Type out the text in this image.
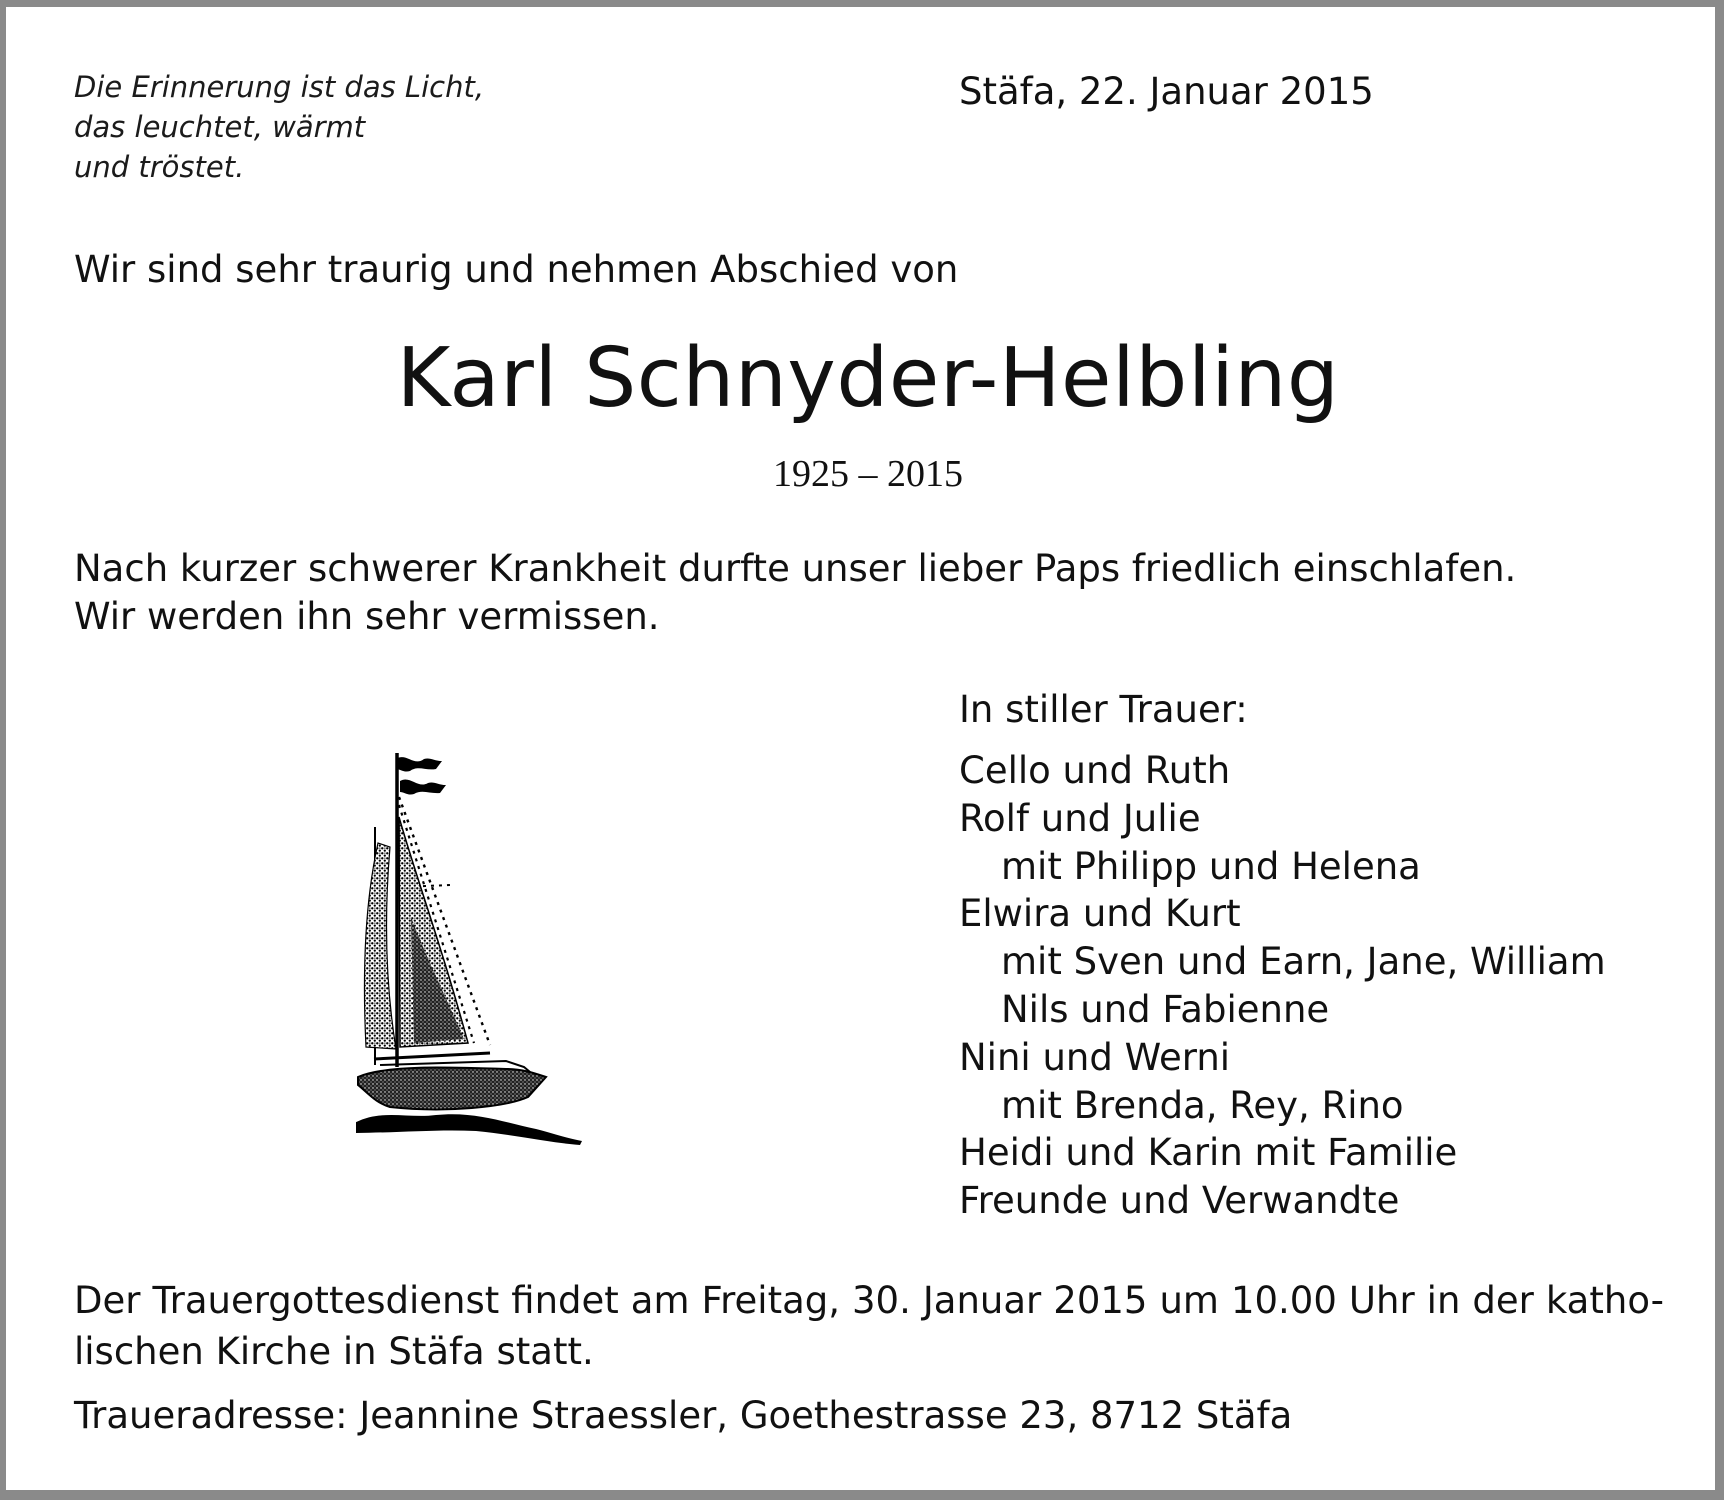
Die Erinnerung ist das Licht,
das leuchtet, wärmt
und tröstet.
Stäfa, 22. Januar 2015
Wir sind sehr traurig und nehmen Abschied von
Karl Schnyder-Helbling
1925 – 2015
Nach kurzer schwerer Krankheit durfte unser lieber Paps friedlich einschlafen.
Wir werden ihn sehr vermissen.
In stiller Trauer:
Cello und Ruth
Rolf und Julie
mit Philipp und Helena
Elwira und Kurt
mit Sven und Earn, Jane, William
Nils und Fabienne
Nini und Werni
mit Brenda, Rey, Rino
Heidi und Karin mit Familie
Freunde und Verwandte
Der Trauergottesdienst findet am Freitag, 30. Januar 2015 um 10.00 Uhr in der katho-
lischen Kirche in Stäfa statt.
Traueradresse: Jeannine Straessler, Goethestrasse 23, 8712 Stäfa
